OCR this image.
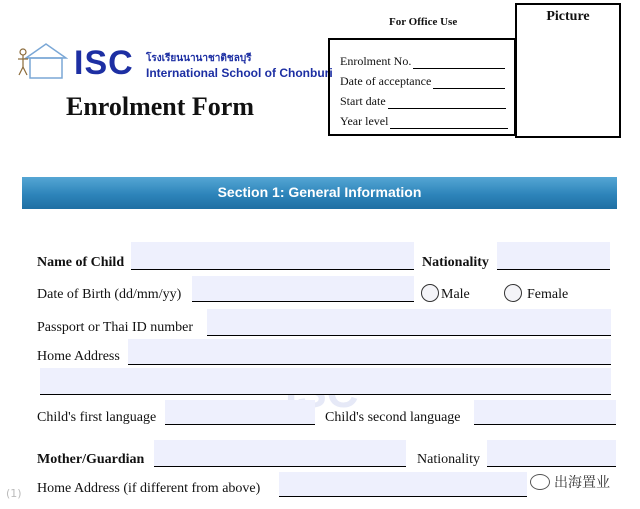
ISC โรงเรียนนานาชาติชลบุรี
International School of Chonburi
Enrolment Form
For Office Use
Enrolment No.
Date of acceptance
Start date
Year level
Picture
Section 1: General Information
Name of Child	Nationality
Date of Birth (dd/mm/yy)	Male	Female
Passport or Thai ID number
Home Address
Child's first language	Child's second language
Mother/Guardian	Nationality
Home Address (if different from above)	出海置业
(1)
